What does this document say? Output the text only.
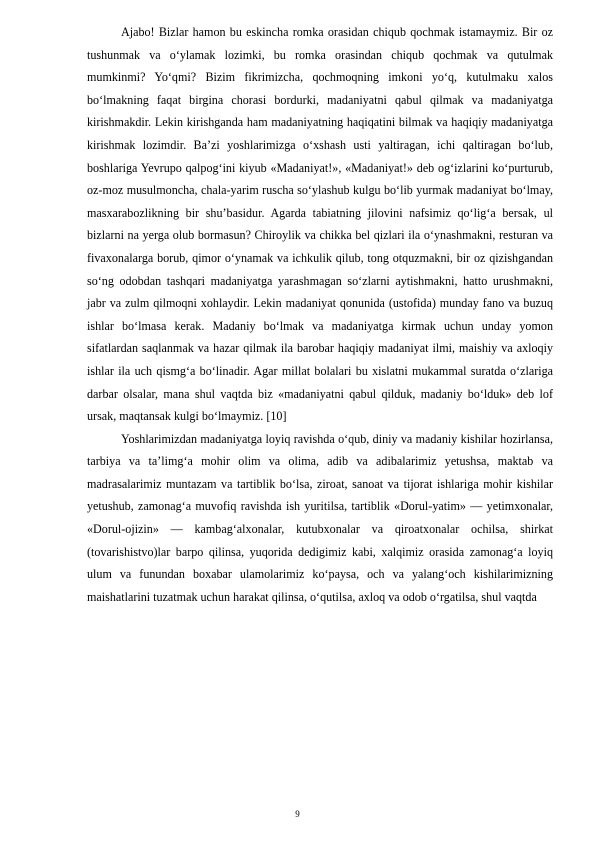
Ajabo! Bizlar hamon bu eskincha romka orasidan chiqub qochmak istamaymiz. Bir oz tushunmak va o‘ylamak lozimki, bu romka orasindan chiqub qochmak va qutulmak mumkinmi? Yo‘qmi? Bizim fikrimizcha, qochmoqning imkoni yo‘q, kutulmaku xalos bo‘lmakning faqat birgina chorasi bordurki, madaniyatni qabul qilmak va madaniyatga kirishmakdir. Lekin kirishganda ham madaniyatning haqiqatini bilmak va haqiqiy madaniyatga kirishmak lozimdir. Ba’zi yoshlarimizga o‘xshash usti yaltiragan, ichi qaltiragan bo‘lub, boshlariga Yevrupo qalpog‘ini kiyub «Madaniyat!», «Madaniyat!» deb og‘izlarini ko‘purturub, oz-moz musulmoncha, chala-yarim ruscha so‘ylashub kulgu bo‘lib yurmak madaniyat bo‘lmay, masxarabozlikning bir shu’basidur. Agarda tabiatning jilovini nafsimiz qo‘lig‘a bersak, ul bizlarni na yerga olub bormasun? Chiroylik va chikka bel qizlari ila o‘ynashmakni, resturan va fivaxonalarga borub, qimor o‘ynamak va ichkulik qilub, tong otquzmakni, bir oz qizishgandan so‘ng odobdan tashqari madaniyatga yarashmagan so‘zlarni aytishmakni, hatto urushmakni, jabr va zulm qilmoqni xohlaydir. Lekin madaniyat qonunida (ustofida) munday fano va buzuq ishlar bo‘lmasa kerak. Madaniy bo‘lmak va madaniyatga kirmak uchun unday yomon sifatlardan saqlanmak va hazar qilmak ila barobar haqiqiy madaniyat ilmi, maishiy va axloqiy ishlar ila uch qismg‘a bo‘linadir. Agar millat bolalari bu xislatni mukammal suratda o‘zlariga darbar olsalar, mana shul vaqtda biz «madaniyatni qabul qilduk, madaniy bo‘lduk» deb lof ursak, maqtansak kulgi bo‘lmaymiz. [10]

Yoshlarimizdan madaniyatga loyiq ravishda o‘qub, diniy va madaniy kishilar hozirlansa, tarbiya va ta’limg‘a mohir olim va olima, adib va adibalarimiz yetushsa, maktab va madrasalarimiz muntazam va tartiblik bo‘lsa, ziroat, sanoat va tijorat ishlariga mohir kishilar yetushub, zamonag‘a muvofiq ravishda ish yuritilsa, tartiblik «Dorul-yatim» — yetimxonalar, «Dorul-ojizin» — kambag‘alxonalar, kutubxonalar va qiroatxonalar ochilsa, shirkat (tovarishistvo)lar barpo qilinsa, yuqorida dedigimiz kabi, xalqimiz orasida zamonag‘a loyiq ulum va funundan boxabar ulamolarimiz ko‘paysa, och va yalang‘och kishilarimizning maishatlarini tuzatmak uchun harakat qilinsa, o‘qutilsa, axloq va odob o‘rgatilsa, shul vaqtda

9
